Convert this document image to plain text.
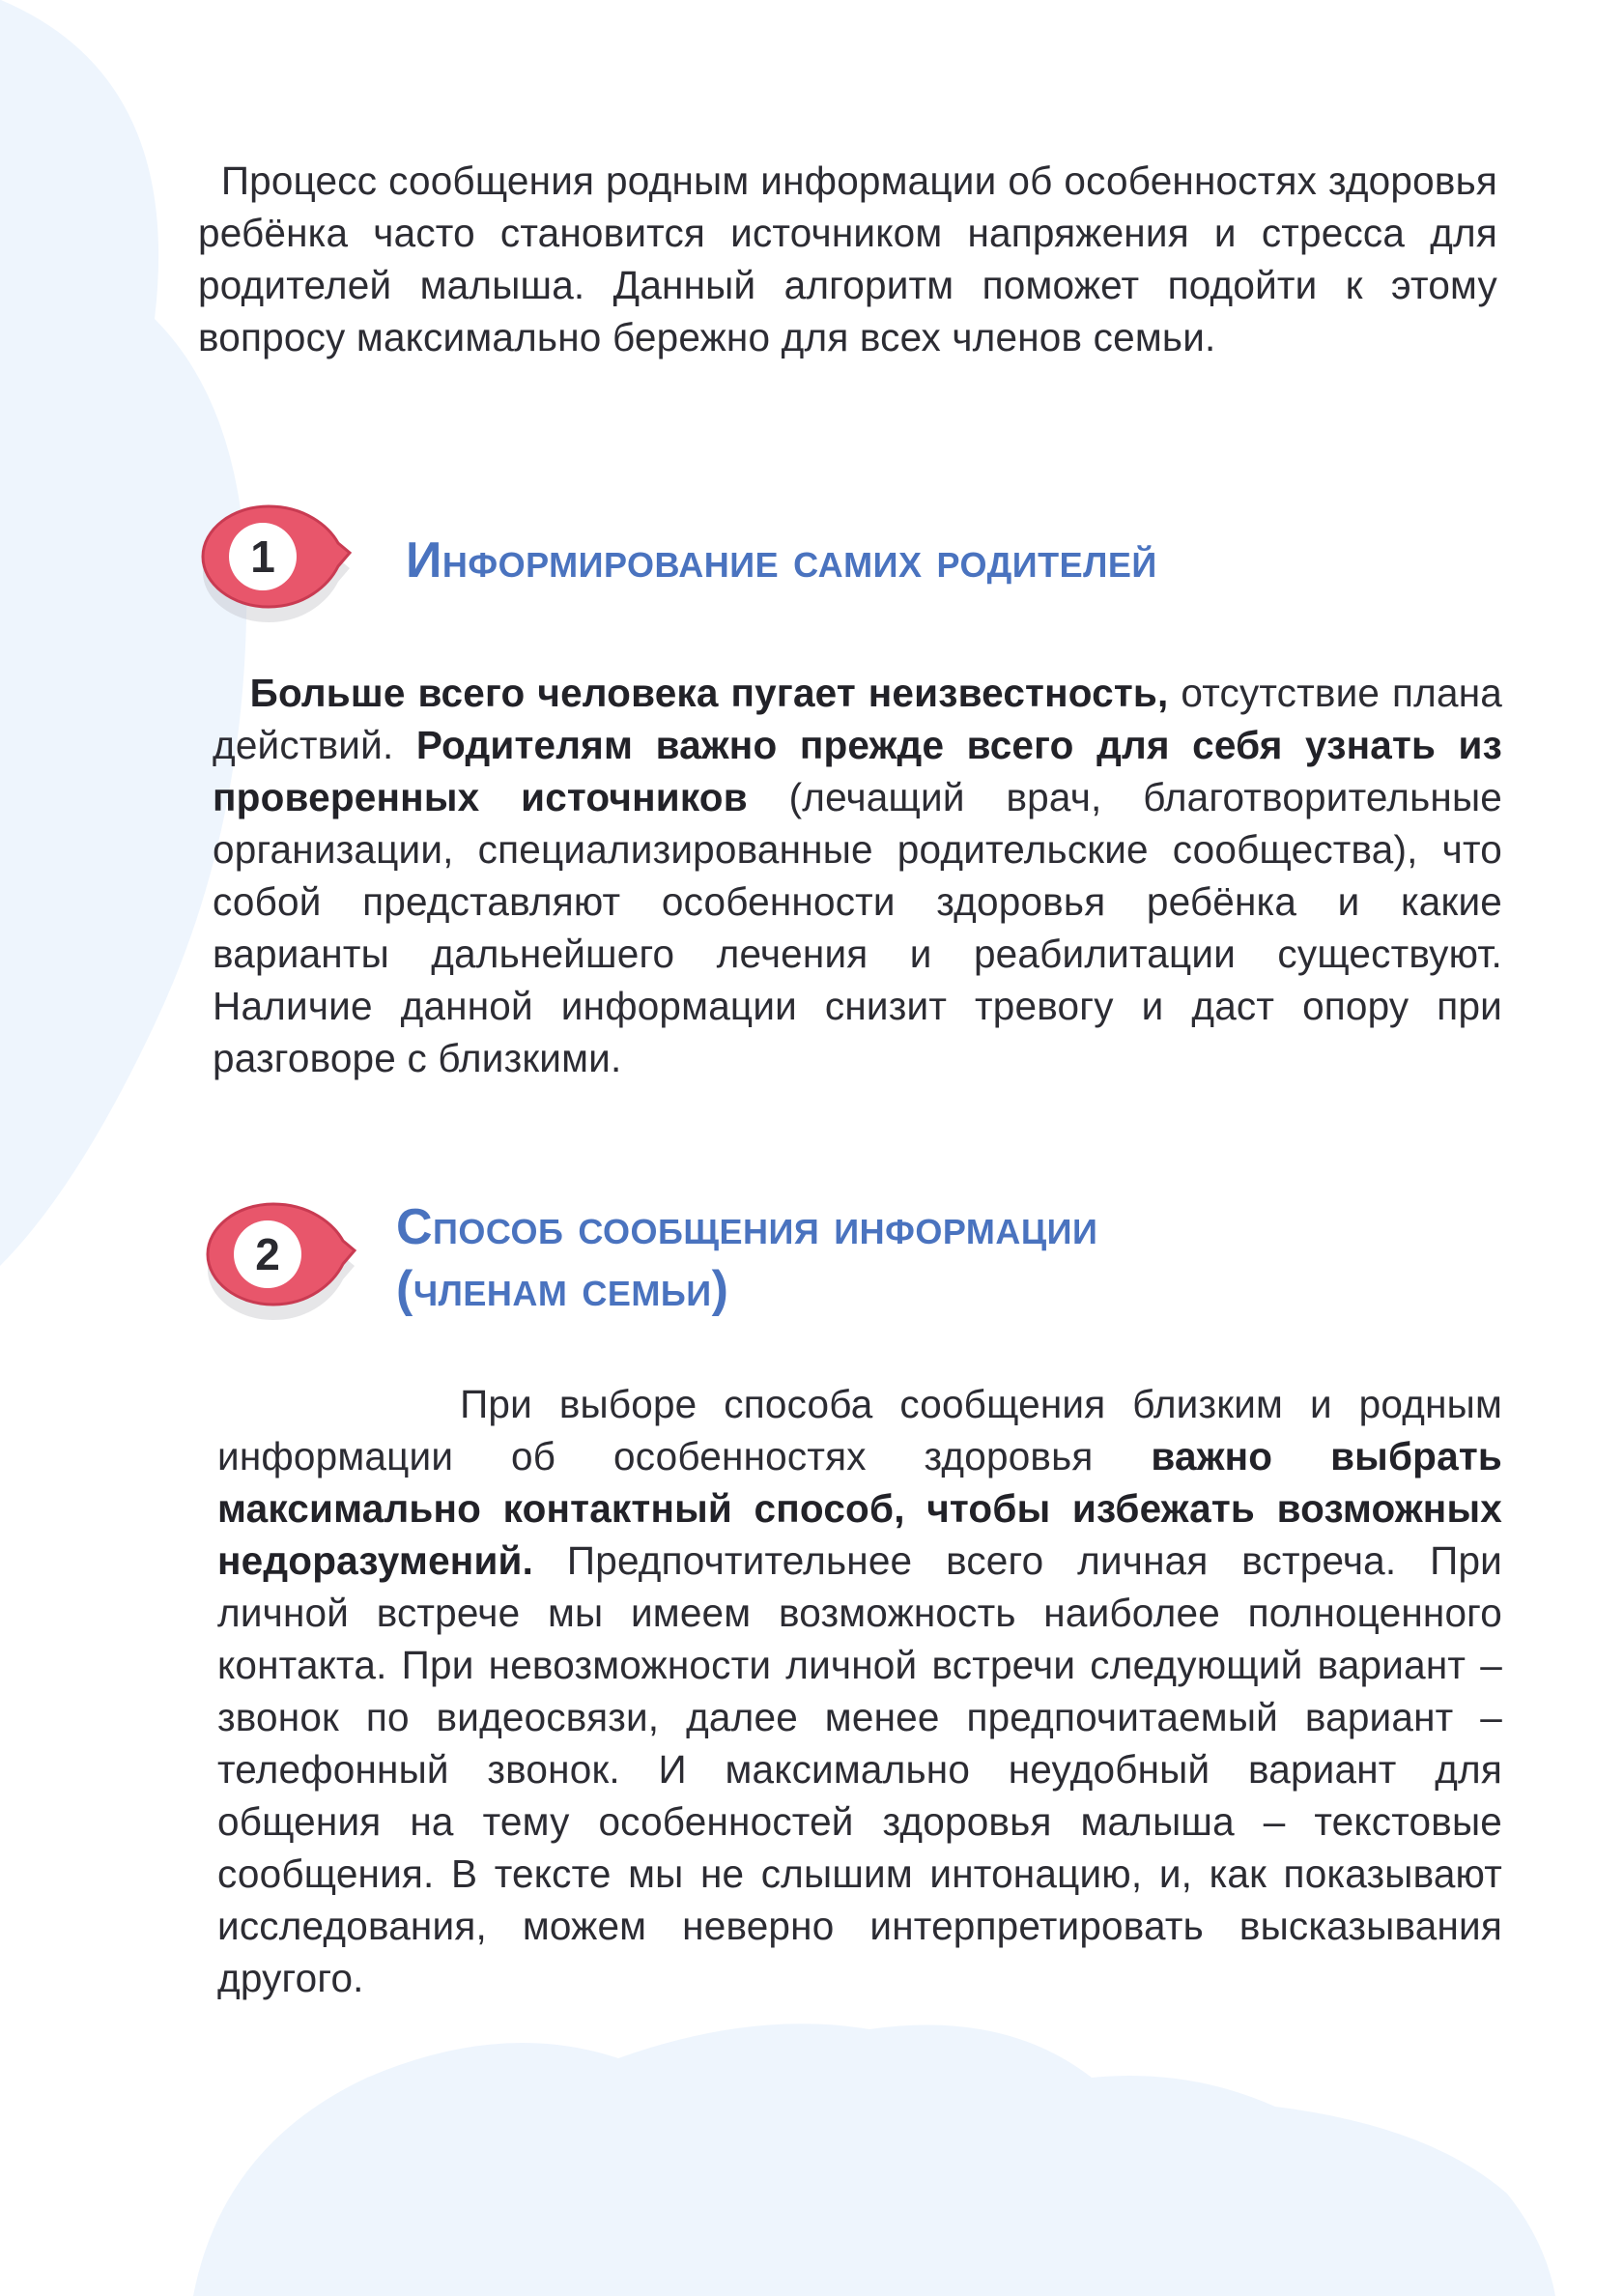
Процесс сообщения родным информации об особенностях здоровья ребёнка часто становится источником напряжения и стресса для родителей малыша. Данный алгоритм поможет подойти к этому вопросу максимально бережно для всех членов семьи.

1	Информирование самих родителей

Больше всего человека пугает неизвестность, отсутствие плана действий. Родителям важно прежде всего для себя узнать из проверенных источников (лечащий врач, благотворительные организации, специализированные родительские сообщества), что собой представляют особенности здоровья ребёнка и какие варианты дальнейшего лечения и реабилитации существуют. Наличие данной информации снизит тревогу и даст опору при разговоре с близкими.

2 Способ сообщения информации
(членам семьи)

При выборе способа сообщения близким и родным информации об особенностях здоровья важно выбрать максимально контактный способ, чтобы избежать возможных недоразумений. Предпочтительнее всего личная встреча. При личной встрече мы имеем возможность наиболее полноценного контакта. При невозможности личной встречи следующий вариант – звонок по видеосвязи, далее менее предпочитаемый вариант – телефонный звонок. И максимально неудобный вариант для общения на тему особенностей здоровья малыша – текстовые сообщения. В тексте мы не слышим интонацию, и, как показывают исследования, можем неверно интерпретировать высказывания другого.
